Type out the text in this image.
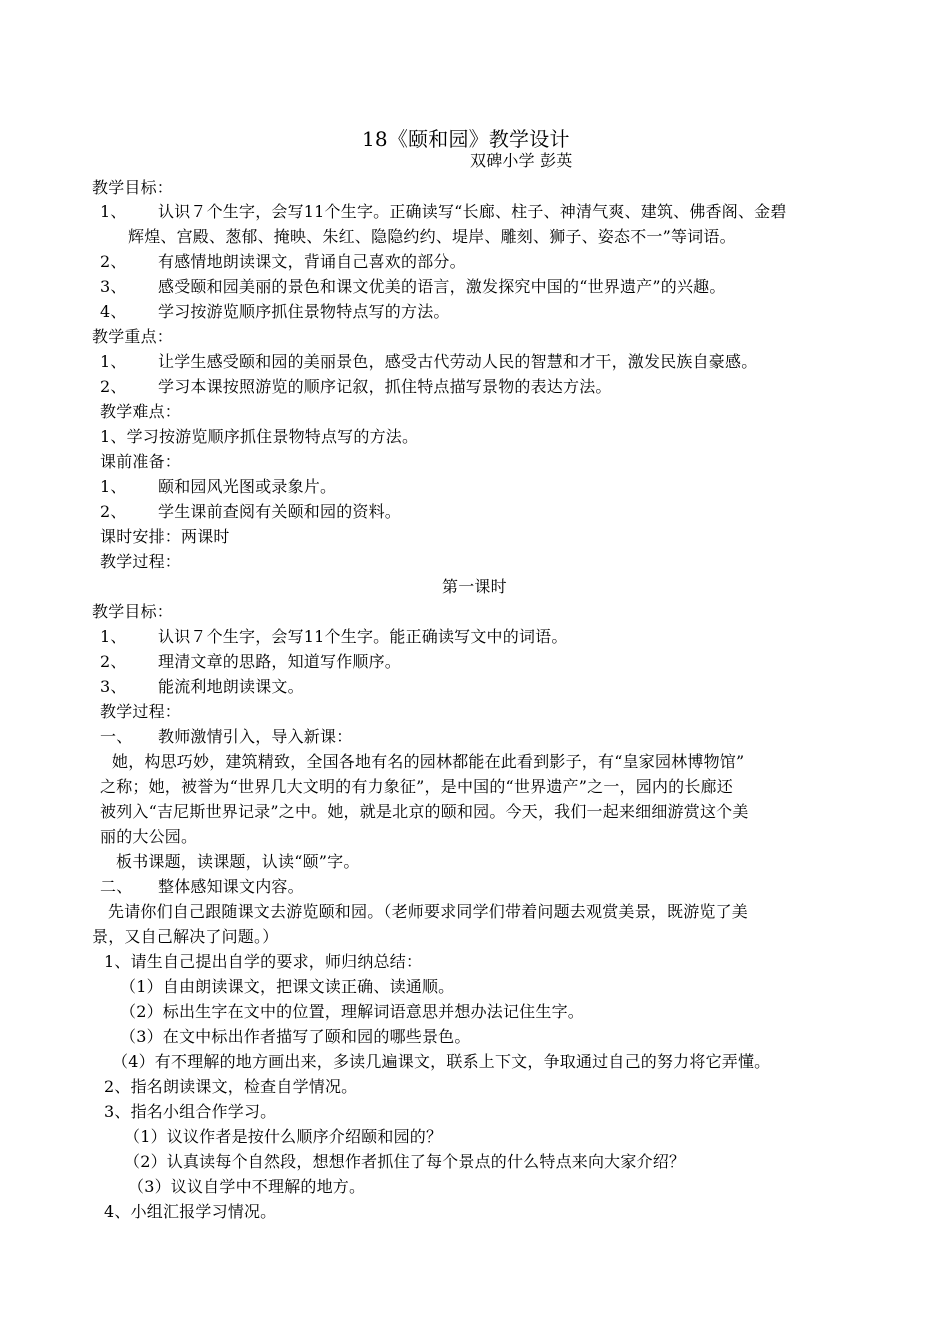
18《颐和园》教学设计
双碑小学 彭英
教学目标：
1、 认识７个生字，会写11个生字。正确读写“长廊、柱子、神清气爽、建筑、佛香阁、金碧
辉煌、宫殿、葱郁、掩映、朱红、隐隐约约、堤岸、雕刻、狮子、姿态不一”等词语。
2、 有感情地朗读课文，背诵自己喜欢的部分。
3、 感受颐和园美丽的景色和课文优美的语言，激发探究中国的“世界遗产”的兴趣。
4、 学习按游览顺序抓住景物特点写的方法。
教学重点：
1、 让学生感受颐和园的美丽景色，感受古代劳动人民的智慧和才干，激发民族自豪感。
2、 学习本课按照游览的顺序记叙，抓住特点描写景物的表达方法。
教学难点：
1、学习按游览顺序抓住景物特点写的方法。
课前准备：
1、 颐和园风光图或录象片。
2、 学生课前查阅有关颐和园的资料。
课时安排：两课时
教学过程：
第一课时
教学目标：
1、 认识７个生字，会写11个生字。能正确读写文中的词语。
2、 理清文章的思路，知道写作顺序。
3、 能流利地朗读课文。
教学过程：
一、 教师激情引入，导入新课：
她，构思巧妙，建筑精致，全国各地有名的园林都能在此看到影子，有“皇家园林博物馆”
之称；她，被誉为“世界几大文明的有力象征”，是中国的“世界遗产”之一，园内的长廊还
被列入“吉尼斯世界记录”之中。她，就是北京的颐和园。今天，我们一起来细细游赏这个美
丽的大公园。
板书课题，读课题，认读“颐”字。
二、 整体感知课文内容。
先请你们自己跟随课文去游览颐和园。（老师要求同学们带着问题去观赏美景，既游览了美
景，又自己解决了问题。）
1、请生自己提出自学的要求，师归纳总结：
（1）自由朗读课文，把课文读正确、读通顺。
（2）标出生字在文中的位置，理解词语意思并想办法记住生字。
（3）在文中标出作者描写了颐和园的哪些景色。
（4）有不理解的地方画出来，多读几遍课文，联系上下文，争取通过自己的努力将它弄懂。
2、指名朗读课文，检查自学情况。
3、指名小组合作学习。
（1）议议作者是按什么顺序介绍颐和园的？
（2）认真读每个自然段，想想作者抓住了每个景点的什么特点来向大家介绍？
（3）议议自学中不理解的地方。
4、小组汇报学习情况。
